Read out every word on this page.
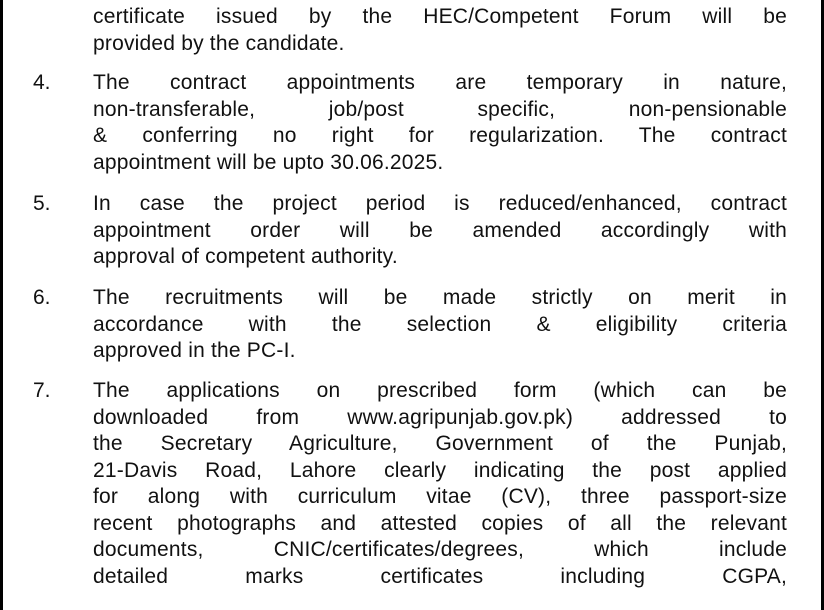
certificate issued by the HEC/Competent Forum will be
provided by the candidate.
4. The contract appointments are temporary in nature,
non-transferable, job/post specific, non-pensionable
& conferring no right for regularization. The contract
appointment will be upto 30.06.2025.
5. In case the project period is reduced/enhanced, contract
appointment order will be amended accordingly with
approval of competent authority.
6. The recruitments will be made strictly on merit in
accordance with the selection & eligibility criteria
approved in the PC-I.
7. The applications on prescribed form (which can be
downloaded from www.agripunjab.gov.pk) addressed to
the Secretary Agriculture, Government of the Punjab,
21-Davis Road, Lahore clearly indicating the post applied
for along with curriculum vitae (CV), three passport-size
recent photographs and attested copies of all the relevant
documents, CNIC/certificates/degrees, which include
detailed marks certificates including CGPA,
